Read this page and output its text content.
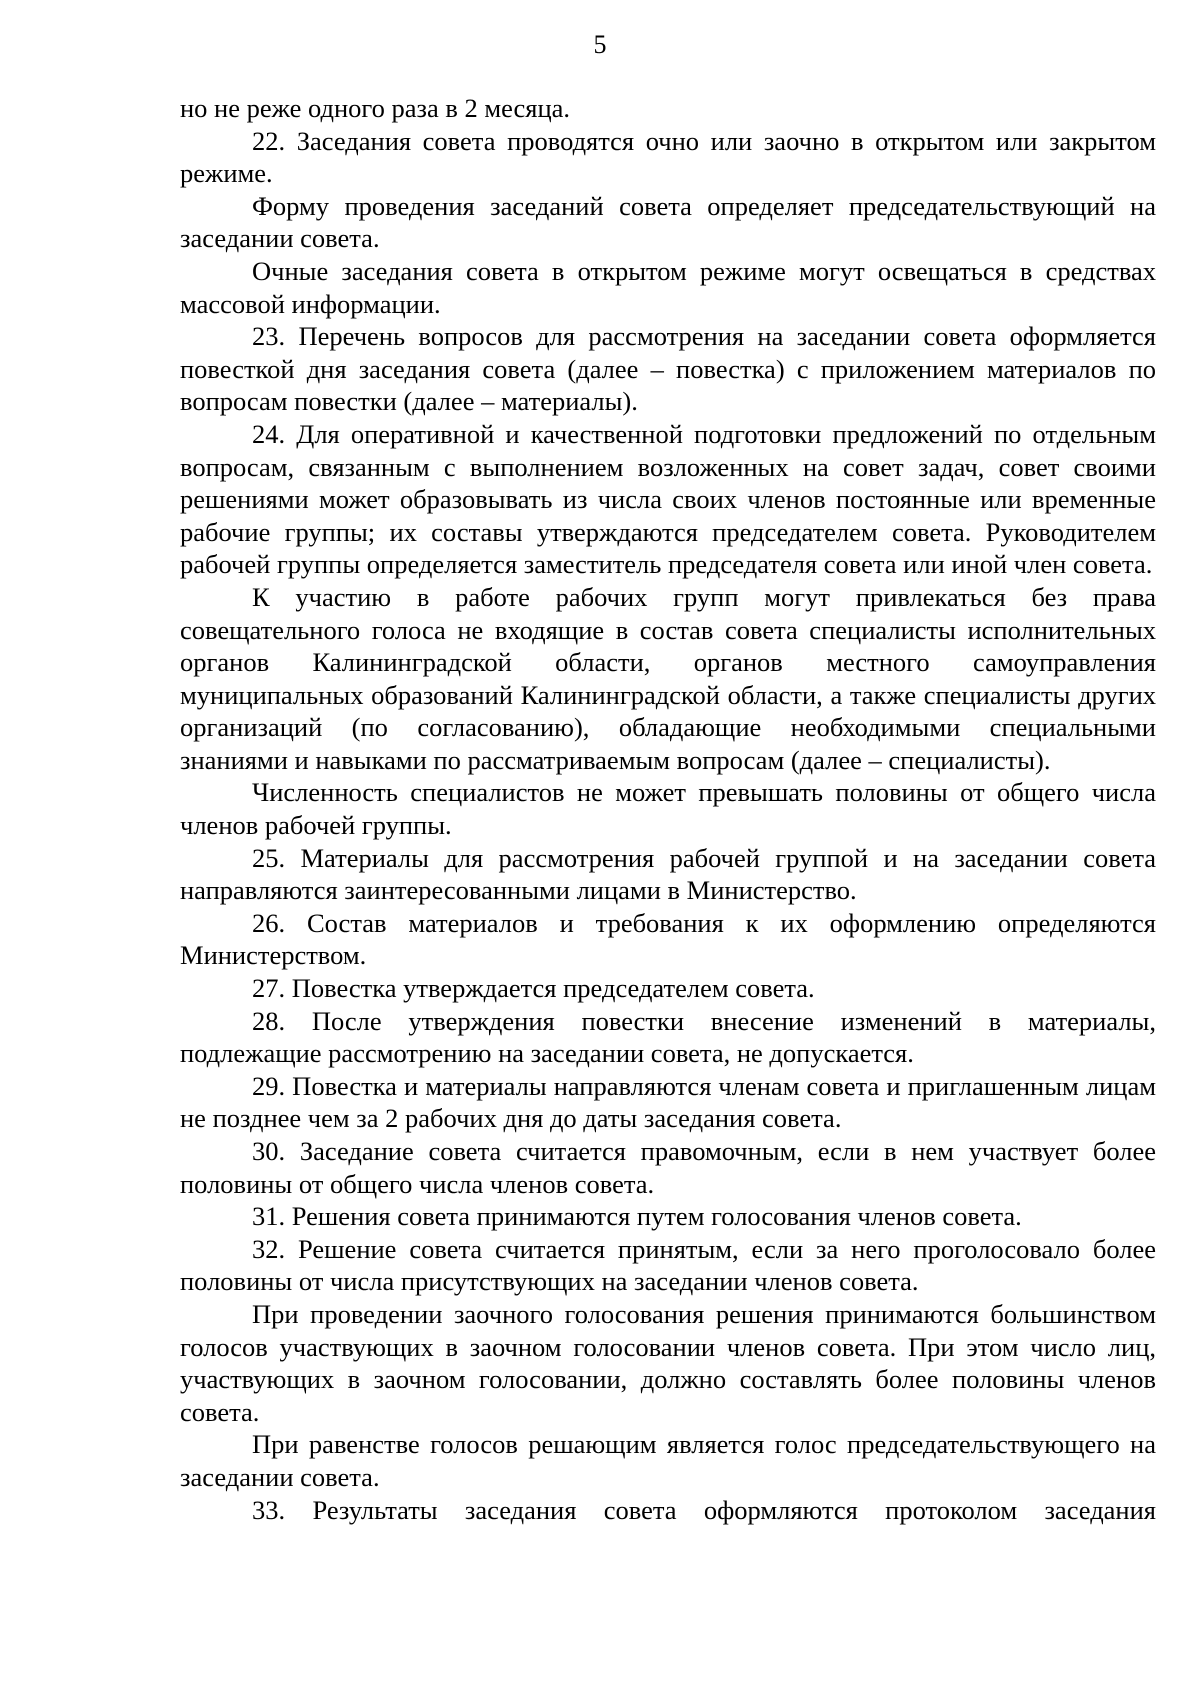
5

но не реже одного раза в 2 месяца.

22. Заседания совета проводятся очно или заочно в открытом или закрытом режиме.

Форму проведения заседаний совета определяет председательствующий на заседании совета.

Очные заседания совета в открытом режиме могут освещаться в средствах массовой информации.

23. Перечень вопросов для рассмотрения на заседании совета оформляется повесткой дня заседания совета (далее – повестка) с приложением материалов по вопросам повестки (далее – материалы).

24. Для оперативной и качественной подготовки предложений по отдельным вопросам, связанным с выполнением возложенных на совет задач, совет своими решениями может образовывать из числа своих членов постоянные или временные рабочие группы; их составы утверждаются председателем совета. Руководителем рабочей группы определяется заместитель председателя совета или иной член совета.

К участию в работе рабочих групп могут привлекаться без права совещательного голоса не входящие в состав совета специалисты исполнительных органов Калининградской области, органов местного самоуправления муниципальных образований Калининградской области, а также специалисты других организаций (по согласованию), обладающие необходимыми специальными знаниями и навыками по рассматриваемым вопросам (далее – специалисты).

Численность специалистов не может превышать половины от общего числа членов рабочей группы.

25. Материалы для рассмотрения рабочей группой и на заседании совета направляются заинтересованными лицами в Министерство.

26. Состав материалов и требования к их оформлению определяются Министерством.

27. Повестка утверждается председателем совета.

28. После утверждения повестки внесение изменений в материалы, подлежащие рассмотрению на заседании совета, не допускается.

29. Повестка и материалы направляются членам совета и приглашенным лицам не позднее чем за 2 рабочих дня до даты заседания совета.

30. Заседание совета считается правомочным, если в нем участвует более половины от общего числа членов совета.

31. Решения совета принимаются путем голосования членов совета.

32. Решение совета считается принятым, если за него проголосовало более половины от числа присутствующих на заседании членов совета.

При проведении заочного голосования решения принимаются большинством голосов участвующих в заочном голосовании членов совета. При этом число лиц, участвующих в заочном голосовании, должно составлять более половины членов совета.

При равенстве голосов решающим является голос председательствующего на заседании совета.

33. Результаты заседания совета оформляются протоколом заседания
